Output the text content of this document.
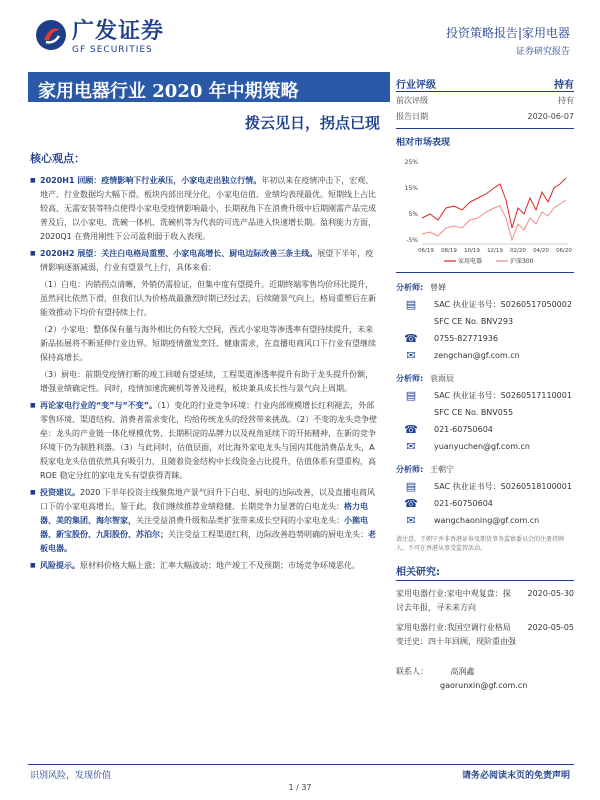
广发证券
GF SECURITIES
投资策略报告|家用电器
证券研究报告
家用电器行业 2020 年中期策略
拨云见日，拐点已现
行业评级	持有
前次评级	持有
报告日期	2020-06-07
相对市场表现
25%
15%
5%
-5%
06/19 08/19 10/19 12/19 02/20 04/20 06/20
家用电器	沪深300
分析师: 曾婵
▤	SAC 执业证书号：S0260517050002
SFC CE No. BNV293
☎ 0755-82771936
✉	zengchan@gf.com.cn
分析师: 袁雨辰
▤	SAC 执业证书号：S0260517110001
SFC CE No. BNV055
☎ 021-60750604
✉	yuanyuchen@gf.com.cn
分析师: 王朝宁
▤	SAC 执业证书号：S0260518100001
☎ 021-60750604
✉	wangchaoning@gf.com.cn
请注意，王朝宁并非香港证券及期货事务监察委员会的注册持牌人，不可在香港从事受监管活动。
相关研究:
家用电器行业:家电中观复盘：探讨去年报，寻未来方向
2020-05-30
家用电器行业:我国空调行业格局变迁史：四十年回顾，现阶重由强
2020-05-05
联系人：	高润鑫
gaorunxin@gf.com.cn
核心观点：
■ 2020H1 回顾：疫情影响下行业承压，小家电走出独立行情。年初以来在疫情冲击下，宏观、地产、行业数据均大幅下滑。板块内部出现分化，小家电估值、业绩均表现最优。短期线上占比较高、无需安装等特点使得小家电受疫情影响最小，长期视角下在消费升级中后期刚需产品完成普及后，以小家电、洗碗一体机、洗碗机等为代表的可选产品进入快速增长期。盈利能力方面，2020Q1 在费用刚性下公司盈利弱于收入表现。
■ 2020H2 展望：关注白电格局重塑、小家电高增长、厨电边际改善三条主线。展望下半年，疫情影响逐渐减弱，行业有望景气上行，具体来看：
（1）白电：内销拐点清晰，外销仍需验证，但集中度有望提升。近期终端零售均价环比提升，虽然同比依然下滑，但我们认为价格战最激烈时期已经过去，后续随景气向上，格局重塑后在新能效推动下均价有望持续上行。
（2）小家电：整体保有量与海外相比仍有较大空间，西式小家电等渗透率有望持续提升，未来新品拓展将不断延伸行业边界。短期疫情激发烹饪、健康需求，在直播电商风口下行业有望继续保持高增长。
（3）厨电：前期受疫情打断的竣工回暖有望延续，工程渠道渗透率提升有助于龙头提升份额，增强业绩确定性。同时，疫情加速洗碗机等普及进程，板块兼具成长性与景气向上周期。
■ 再论家电行业的“变”与“不变”。（1）变化的行业竞争环境：行业内部规模增长红利褪去，外部零售环境、渠道结构、消费者需求变化，均给传统龙头的经营带来挑战。（2）不变的龙头竞争壁垒：龙头的产业链一体化规模优势、长期积淀的品牌力以及视角延续下的开拓精神，在新的竞争环境下仍为制胜利器。（3）与此同时，估值层面，对比海外家电龙头与国内其他消费品龙头，A 股家电龙头估值依然具有吸引力，且随着资金结构中长线资金占比提升，估值体系有望重构，高 ROE 稳定分红的家电龙头有望获得青睐。
■ 投资建议。2020 下半年投资主线聚焦地产景气回升下白电、厨电的边际改善，以及直播电商风口下的小家电高增长，鉴于此，我们继续推荐业绩稳健、长期竞争力显著的白电龙头：格力电器、美的集团、海尔智家，关注受益消费升级和品类扩张带来成长空间的小家电龙头：小熊电器、新宝股份、九阳股份、苏泊尔；关注受益工程渠道红利，边际改善趋势明确的厨电龙头：老板电器。
■ 风险提示。原材料价格大幅上涨；汇率大幅波动；地产竣工不及预期；市场竞争环境恶化。
识别风险，发现价值	请务必阅读末页的免责声明
1 / 37
